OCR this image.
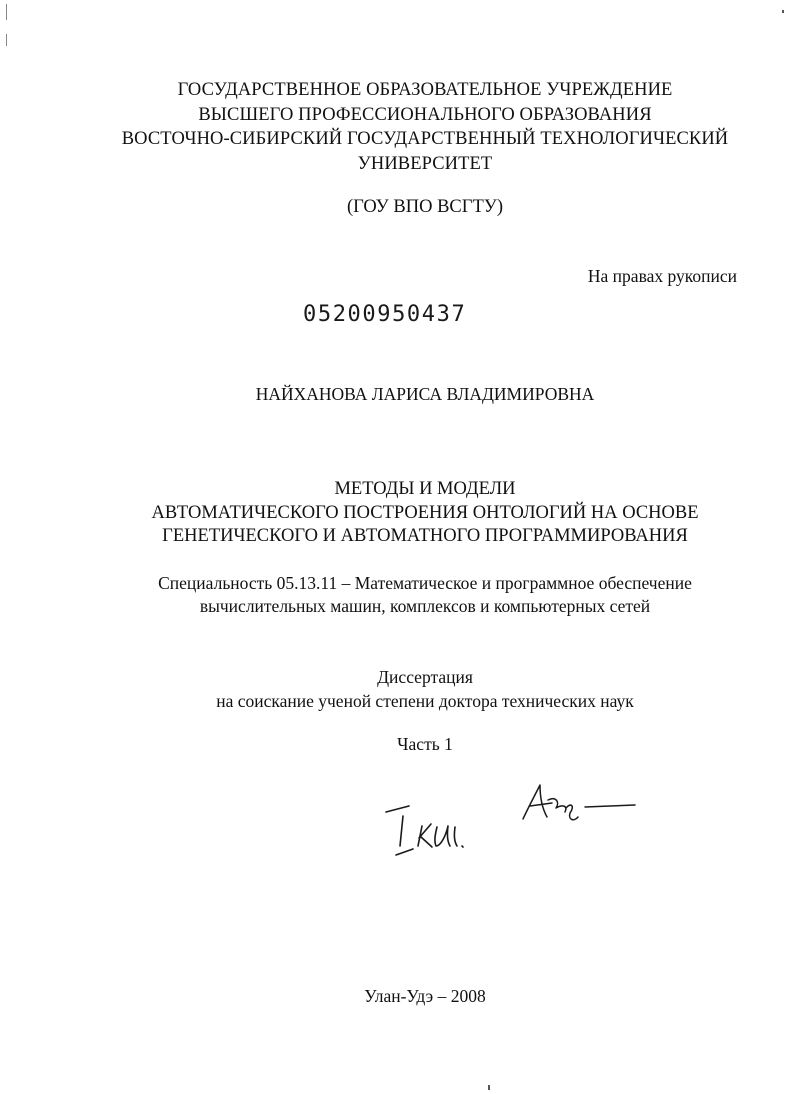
ГОСУДАРСТВЕННОЕ ОБРАЗОВАТЕЛЬНОЕ УЧРЕЖДЕНИЕ
ВЫСШЕГО ПРОФЕССИОНАЛЬНОГО ОБРАЗОВАНИЯ
ВОСТОЧНО-СИБИРСКИЙ ГОСУДАРСТВЕННЫЙ ТЕХНОЛОГИЧЕСКИЙ
УНИВЕРСИТЕТ
(ГОУ ВПО ВСГТУ)
На правах рукописи
05200950437
НАЙХАНОВА ЛАРИСА ВЛАДИМИРОВНА
МЕТОДЫ И МОДЕЛИ
АВТОМАТИЧЕСКОГО ПОСТРОЕНИЯ ОНТОЛОГИЙ НА ОСНОВЕ
ГЕНЕТИЧЕСКОГО И АВТОМАТНОГО ПРОГРАММИРОВАНИЯ
Специальность 05.13.11 – Математическое и программное обеспечение
вычислительных машин, комплексов и компьютерных сетей
Диссертация
на соискание ученой степени доктора технических наук
Часть 1
Улан-Удэ – 2008
